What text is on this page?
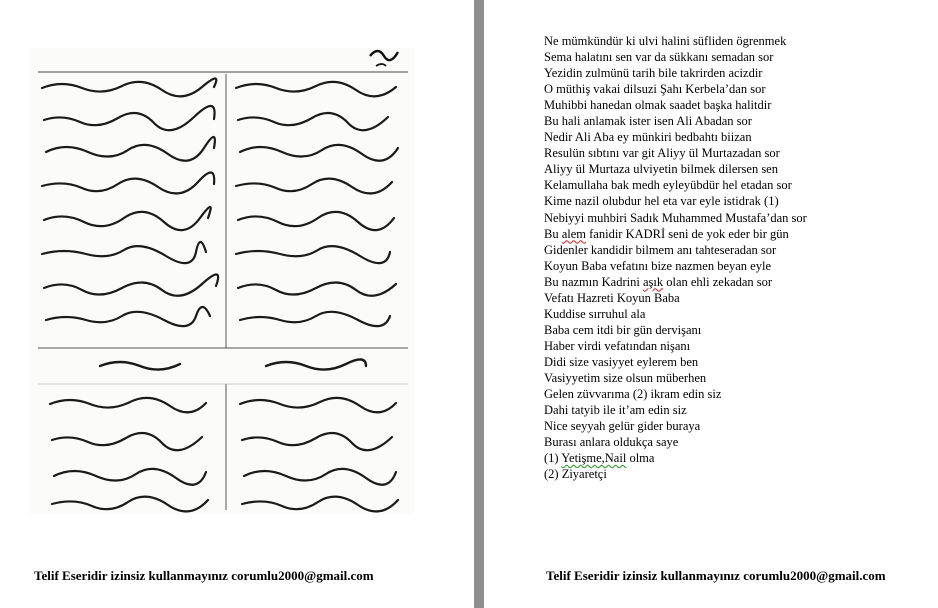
Telif Eseridir izinsiz kullanmayınız corumlu2000@gmail.com
Ne mümkündür ki ulvi halini süfliden ögrenmek
Sema halatını sen var da sükkanı semadan sor
Yezidin zulmünü tarih bile takrirden acizdir
O müthiş vakai dilsuzi Şahı Kerbela’dan sor
Muhibbi hanedan olmak saadet başka halitdir
Bu hali anlamak ister isen Ali Abadan sor
Nedir Ali Aba ey münkiri bedbahtı biizan
Resulün sıbtını var git Aliyy ül Murtazadan sor
Aliyy ül Murtaza ulviyetin bilmek dilersen sen
Kelamullaha bak medh eyleyübdür hel etadan sor
Kime nazil olubdur hel eta var eyle istidrak (1)
Nebiyyi muhbiri Sadık Muhammed Mustafa’dan sor
Bu alem fanidir KADRİ seni de yok eder bir gün
Gidenler kandidir bilmem anı tahteseradan sor
Koyun Baba vefatını bize nazmen beyan eyle
Bu nazmın Kadrini aşık olan ehli zekadan sor
Vefatı Hazreti Koyun Baba
Kuddise sırruhul ala
Baba cem itdi bir gün dervişanı
Haber virdi vefatından nişanı
Didi size vasiyyet eylerem ben
Vasiyyetim size olsun müberhen
Gelen züvvarıma (2) ikram edin siz
Dahi tatyib ile it’am edin siz
Nice seyyah gelür gider buraya
Burası anlara oldukça saye
(1) Yetişme,Nail olma
(2) Ziyaretçi
Telif Eseridir izinsiz kullanmayınız corumlu2000@gmail.com
